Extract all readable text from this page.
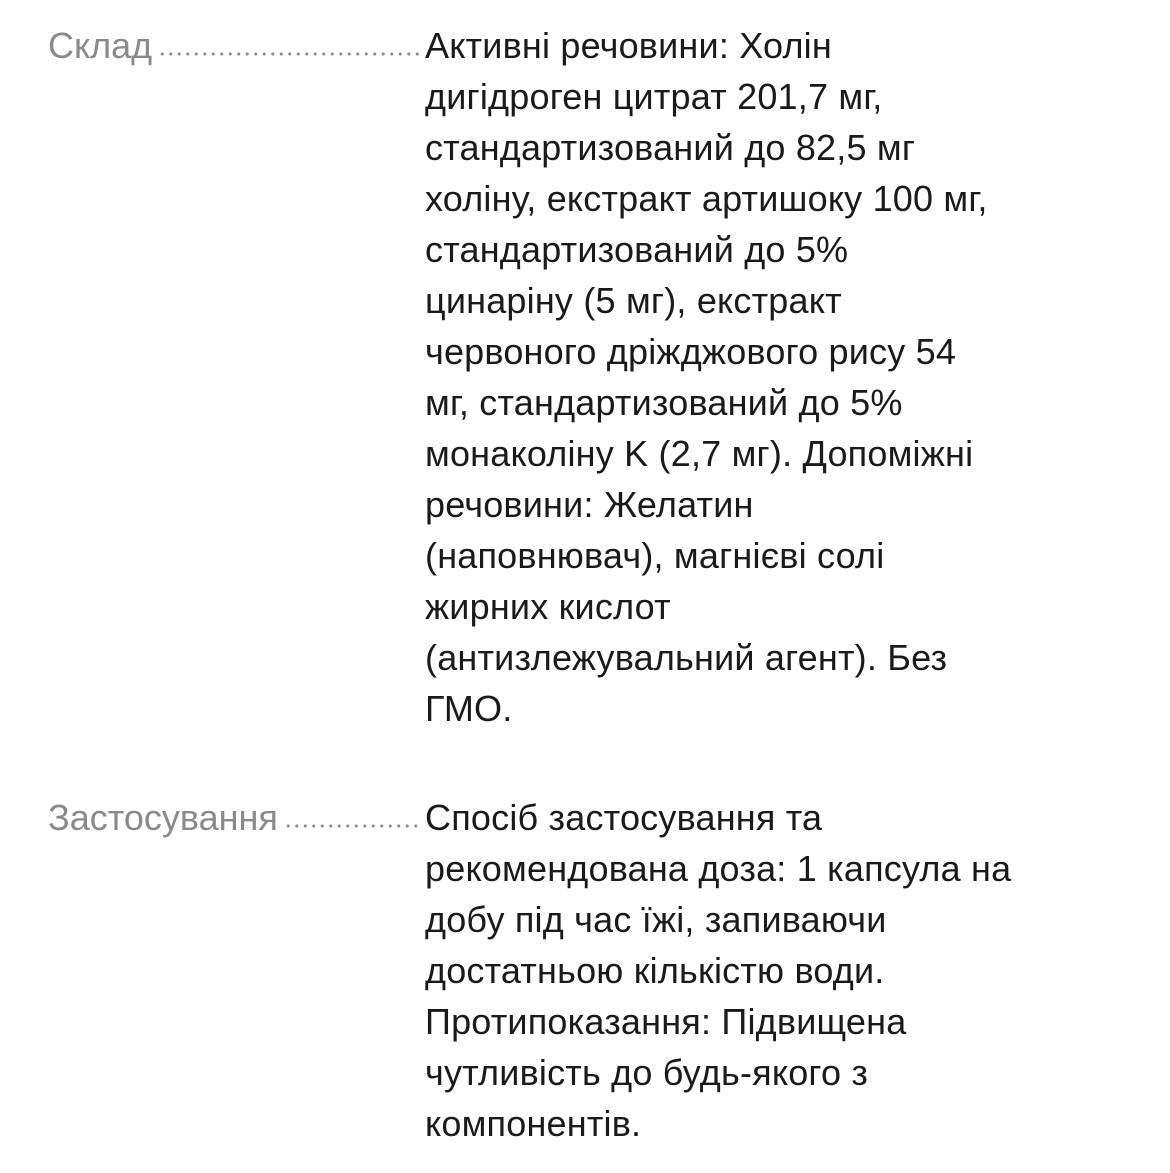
Склад	Активні речовини: Холін
дигідроген цитрат 201,7 мг,
стандартизований до 82,5 мг
холіну, екстракт артишоку 100 мг,
стандартизований до 5%
цинаріну (5 мг), екстракт
червоного дріжджового рису 54
мг, стандартизований до 5%
монаколіну K (2,7 мг). Допоміжні
речовини: Желатин
(наповнювач), магнієві солі
жирних кислот
(антизлежувальний агент). Без
ГМО.
Застосування	Спосіб застосування та
рекомендована доза: 1 капсула на
добу під час їжі, запиваючи
достатньою кількістю води.
Протипоказання: Підвищена
чутливість до будь-якого з
компонентів.
